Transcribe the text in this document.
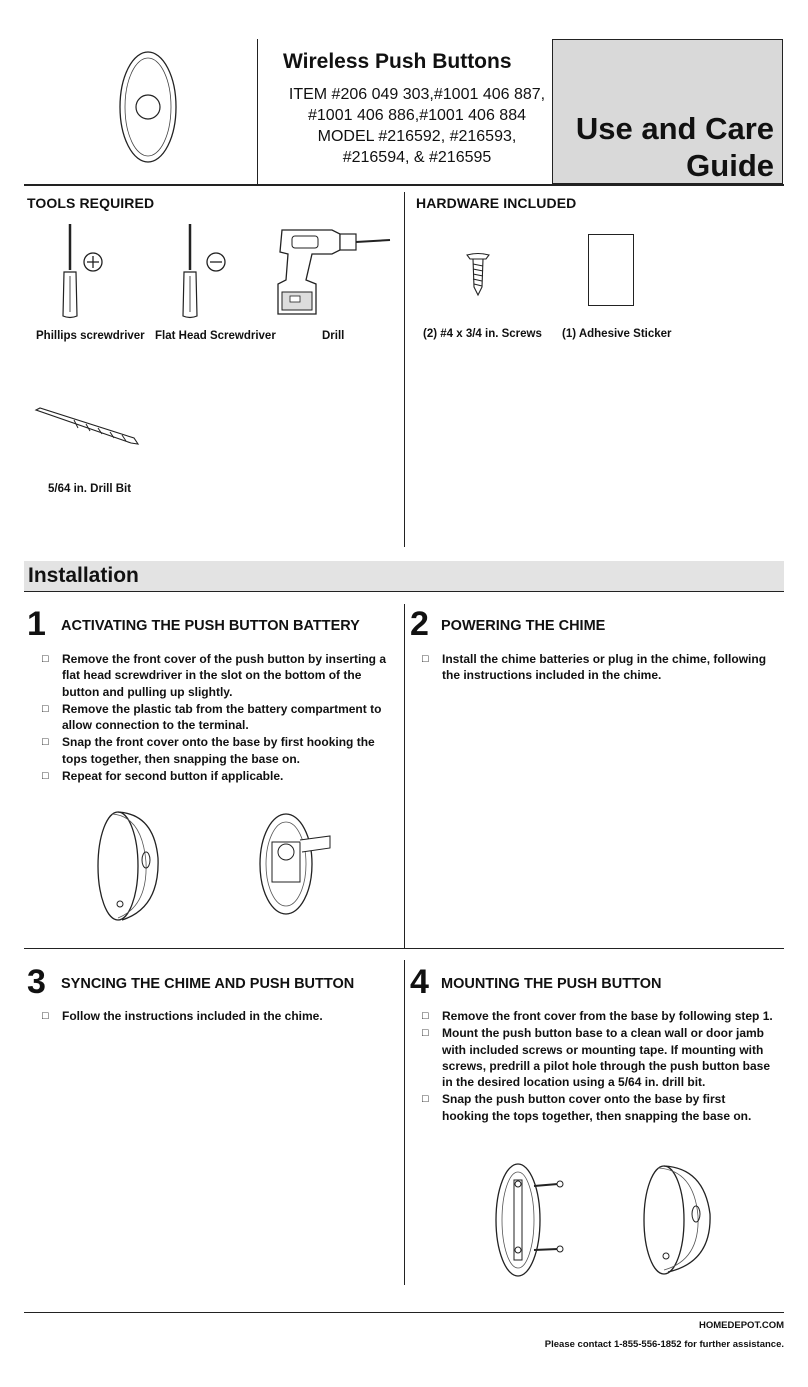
Wireless Push Buttons
ITEM #206 049 303,#1001 406 887,
#1001 406 886,#1001 406 884
MODEL #216592, #216593,
#216594, & #216595
Use and Care
Guide
TOOLS REQUIRED
Phillips screwdriver Flat Head Screwdriver	Drill
5/64 in. Drill Bit
HARDWARE INCLUDED
(2) #4 x 3/4 in. Screws (1) Adhesive Sticker
Installation
1 ACTIVATING THE PUSH BUTTON BATTERY
□ Remove the front cover of the push button by inserting a flat head screwdriver in the slot on the bottom of the button and pulling up slightly.
□ Remove the plastic tab from the battery compartment to allow connection to the terminal.
□ Snap the front cover onto the base by first hooking the tops together, then snapping the base on.
□ Repeat for second button if applicable.
2 POWERING THE CHIME
□ Install the chime batteries or plug in the chime, following the instructions included in the chime.
3 SYNCING THE CHIME AND PUSH BUTTON
□ Follow the instructions included in the chime.
4 MOUNTING THE PUSH BUTTON
□ Remove the front cover from the base by following step 1.
□ Mount the push button base to a clean wall or door jamb with included screws or mounting tape. If mounting with screws, predrill a pilot hole through the push button base in the desired location using a 5/64 in. drill bit.
□ Snap the push button cover onto the base by first hooking the tops together, then snapping the base on.
HOMEDEPOT.COM
Please contact 1-855-556-1852 for further assistance.
